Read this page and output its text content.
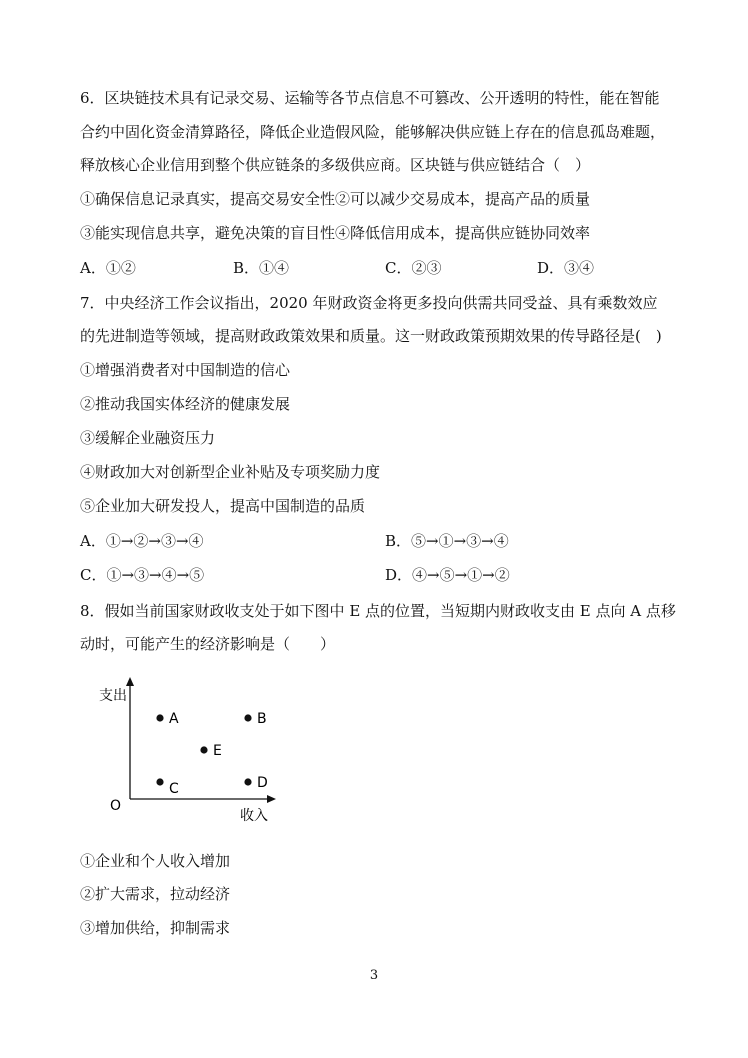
6．区块链技术具有记录交易、运输等各节点信息不可篡改、公开透明的特性，能在智能
合约中固化资金清算路径，降低企业造假风险，能够解决供应链上存在的信息孤岛难题，
释放核心企业信用到整个供应链条的多级供应商。区块链与供应链结合（　）
①确保信息记录真实，提高交易安全性②可以减少交易成本，提高产品的质量
③能实现信息共享，避免决策的盲目性④降低信用成本，提高供应链协同效率
A．①②	B．①④	C．②③	D．③④
7．中央经济工作会议指出，2020 年财政资金将更多投向供需共同受益、具有乘数效应
的先进制造等领域，提高财政政策效果和质量。这一财政政策预期效果的传导路径是(　)
①增强消费者对中国制造的信心
②推动我国实体经济的健康发展
③缓解企业融资压力
④财政加大对创新型企业补贴及专项奖励力度
⑤企业加大研发投人，提高中国制造的品质
A．①→②→③→④	B．⑤→①→③→④
C．①→③→④→⑤	D．④→⑤→①→②
8．假如当前国家财政收支处于如下图中 E 点的位置，当短期内财政收支由 E 点向 A 点移
动时，可能产生的经济影响是（　　）
支出
收入
O
A	B
E
C	D
①企业和个人收入增加
②扩大需求，拉动经济
③增加供给，抑制需求
3
